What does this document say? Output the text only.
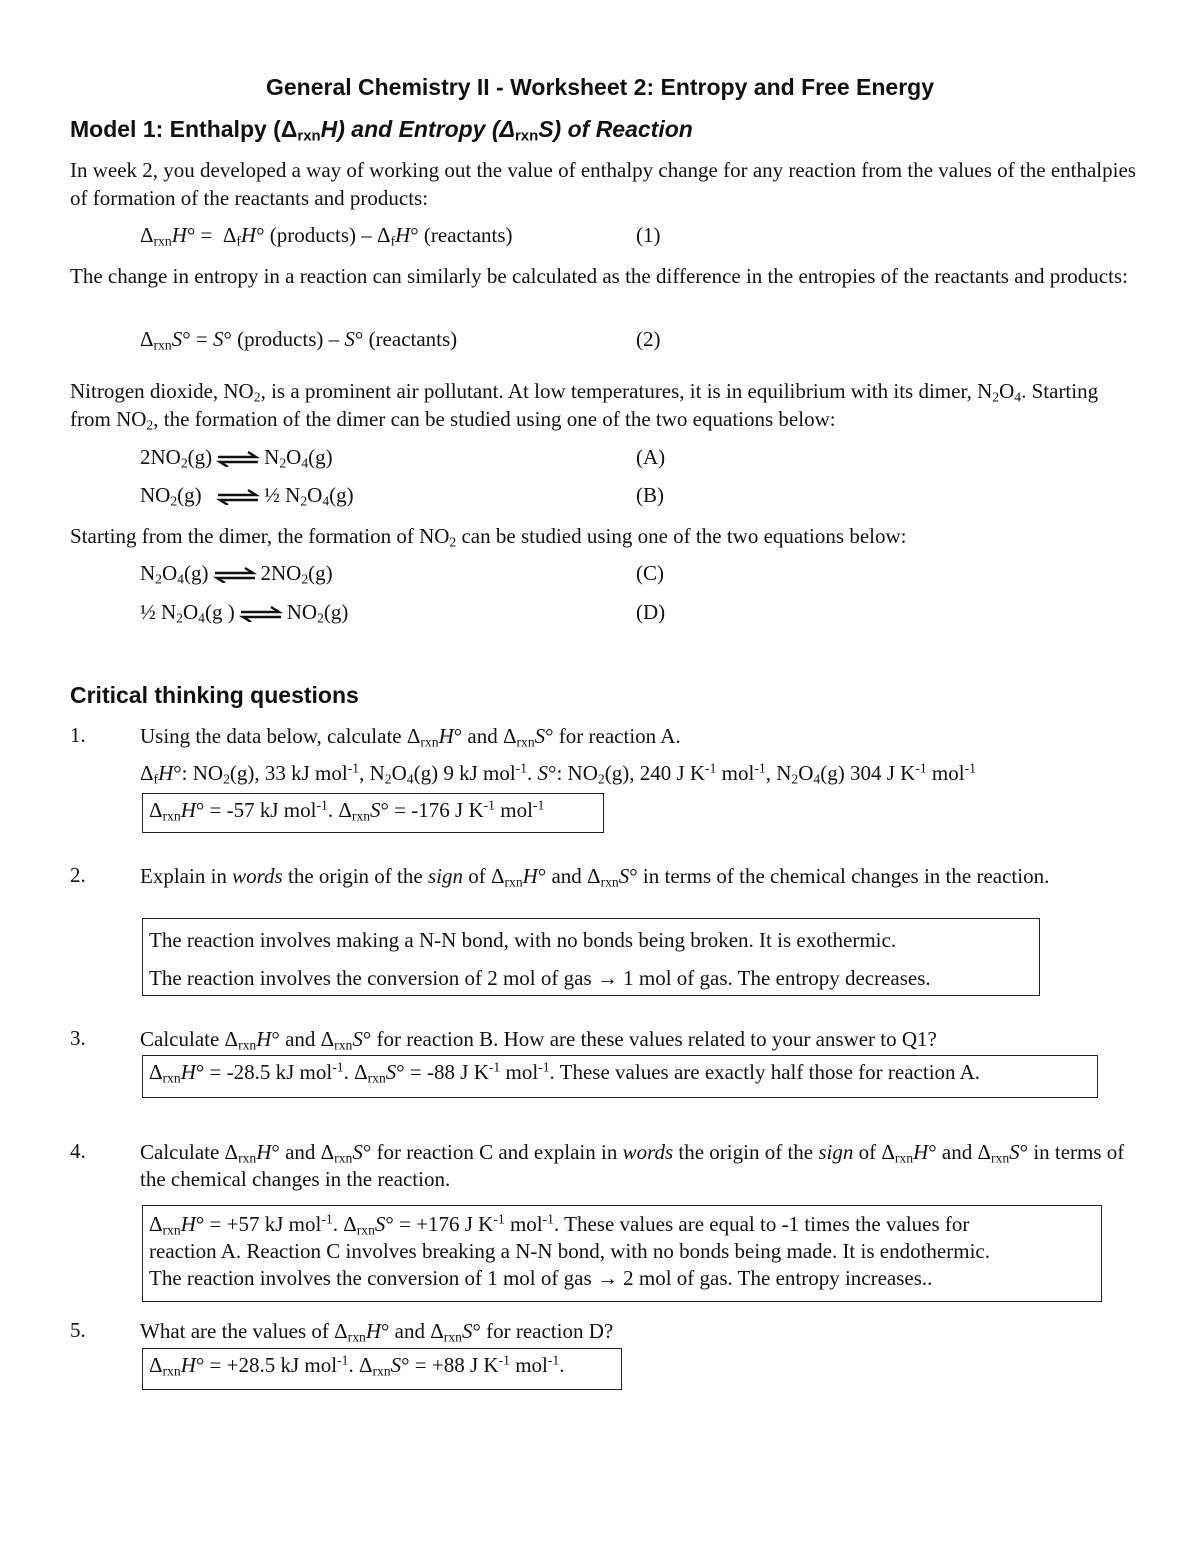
General Chemistry II - Worksheet 2: Entropy and Free Energy
Model 1: Enthalpy $(\Delta_{rxn}H)$ and Entropy $(\Delta_{rxn}S)$ of Reaction
In week 2, you developed a way of working out the value of enthalpy change for any reaction from the values of the enthalpies of formation of the reactants and products:
$\Delta_{rxn}H^\circ = \Delta_fH^\circ$ (products) – $\Delta_fH^\circ$ (reactants)	(1)
The change in entropy in a reaction can similarly be calculated as the difference in the entropies of the reactants and products:
$\Delta_{rxn}S^\circ = S^\circ$ (products) – S° (reactants)	(2)
Nitrogen dioxide, $NO_2$, is a prominent air pollutant. At low temperatures, it is in equilibrium with its dimer, $N_2O_4$. Starting from $NO_2$, the formation of the dimer can be studied using one of the two equations below:
$2NO_2(g)$ ⇌ $N_2O_4(g)$	(A)
$NO_2(g)$ ⇌ ½ $N_2O_4(g)$	(B)
Starting from the dimer, the formation of $NO_2$ can be studied using one of the two equations below:
$N_2O_4(g)$ ⇌ $2NO_2(g)$	(C)
½ $N_2O_4(g$ ) ⇌ $NO_2(g)$	(D)
Critical thinking questions
1.	Using the data below, calculate $\Delta_{rxn}H^\circ$ and $\Delta_{rxn}S^\circ$ for reaction A.
$\Delta_fH^\circ$: $NO_2(g)$, 33 kJ mol$^{-1}$, $N_2O_4(g)$ 9 kJ mol$^{-1}$. S°: $NO_2(g)$, 240 J $K^{-1}$ mol$^{-1}$, $N_2O_4(g)$ 304 J $K^{-1}$ mol$^{-1}$
$\Delta_{rxn}H^\circ = -57$ kJ mol$^{-1}$. $\Delta_{rxn}S^\circ = -176$ J $K^{-1}$ mol$^{-1}$
2.	Explain in words the origin of the sign of $\Delta_{rxn}H^\circ$ and $\Delta_{rxn}S^\circ$ in terms of the chemical changes in the reaction.
The reaction involves making a N-N bond, with no bonds being broken. It is exothermic.
The reaction involves the conversion of 2 mol of gas → 1 mol of gas. The entropy decreases.
3.	Calculate $\Delta_{rxn}H^\circ$ and $\Delta_{rxn}S^\circ$ for reaction B. How are these values related to your answer to Q1?
$\Delta_{rxn}H^\circ = -28.5$ kJ mol$^{-1}$. $\Delta_{rxn}S^\circ = -88$ J $K^{-1}$ mol$^{-1}$. These values are exactly half those for reaction A.
4.	Calculate $\Delta_{rxn}H^\circ$ and $\Delta_{rxn}S^\circ$ for reaction C and explain in words the origin of the sign of $\Delta_{rxn}H^\circ$ and $\Delta_{rxn}S^\circ$ in terms of the chemical changes in the reaction.
$\Delta_{rxn}H^\circ = +57$ kJ mol$^{-1}$. $\Delta_{rxn}S^\circ = +176$ J $K^{-1}$ mol$^{-1}$. These values are equal to -1 times the values for
reaction A. Reaction C involves breaking a N-N bond, with no bonds being made. It is endothermic.
The reaction involves the conversion of 1 mol of gas → 2 mol of gas. The entropy increases..
5.	What are the values of $\Delta_{rxn}H^\circ$ and $\Delta_{rxn}S^\circ$ for reaction D?
$\Delta_{rxn}H^\circ = +28.5$ kJ mol$^{-1}$. $\Delta_{rxn}S^\circ = +88$ J $K^{-1}$ mol$^{-1}$.
